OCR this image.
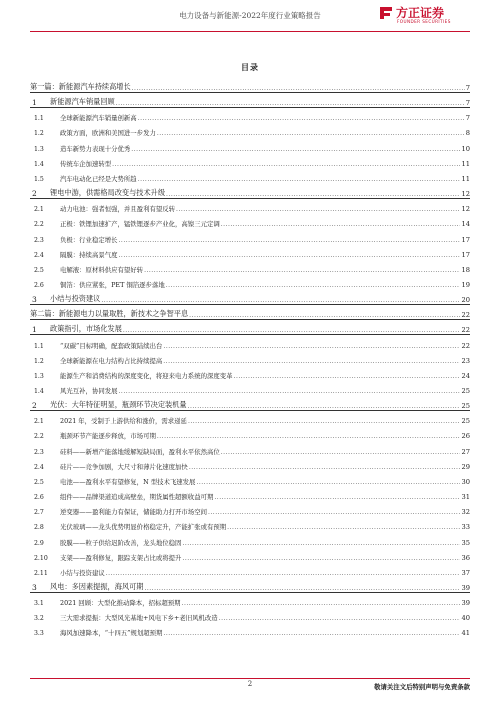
电力设备与新能源-2022年度行业策略报告	方正证券
FOUNDER SECURITIES
目录
第一篇：新能源汽车持续高增长 .....	7
1	新能源汽车销量回顾 .....	7
1.1	全球新能源汽车销量创新高 .....	7
1.2	政策方面，欧洲和美国进一步发力 .....	8
1.3	造车新势力表现十分优秀 .....	10
1.4	传统车企加速转型 .....	11
1.5	汽车电动化已经是大势所趋 .....	11
2	锂电中游，供需格局改变与技术升级 .....	12
2.1	动力电池：强者恒强，并且盈利有望反转 .....	12
2.2	正极：铁锂加速扩产，锰铁锂逐步产业化，高镍三元定调 .....	14
2.3	负极：行业稳定增长 .....	17
2.4	隔膜：持续高景气度 .....	17
2.5	电解液：原材料供应有望好转 .....	18
2.6	铜箔：供应紧张，PET 铜箔逐步落地 .....	19
3	小结与投资建议 .....	20
第二篇：新能源电力以量取胜，新技术之争智平息 .....	22
1	政策指引，市场化发展 .....	22
1.1	“双碳”目标明确，配套政策陆续出台 .....	22
1.2	全球新能源在电力结构占比持续提高 .....	23
1.3	能源生产和消费结构的深度变化，将迎来电力系统的深度变革 .....	24
1.4	风光互补，协同发展 .....	25
2	光伏：大年特征明显，瓶颈环节决定装机量 .....	25
2.1	2021 年，受制于上游供给和涨价，需求递延 .....	25
2.2	瓶颈环节产能逐步释放，市场可期 .....	26
2.3	硅料——新增产能落地缓解短缺局面，盈利水平依然高位 .....	27
2.4	硅片——竞争加剧，大尺寸和薄片化速度加快 .....	29
2.5	电池——盈利水平有望修复，N 型技术飞速发展 .....	30
2.6	组件——品牌渠道追成高壁垒，期货属性超额收益可期 .....	31
2.7	逆变器——盈利能力有保证，储能助力打开市场空间 .....	32
2.8	光伏玻璃——龙头优势明显价格稳定升，产能扩张或有预期 .....	33
2.9	胶膜——粒子供给迟阶改善，龙头地位稳固 .....	35
2.10	支架——盈利修复，跟踪支架占比或将提升 .....	36
2.11	小结与投资建议 .....	37
3	风电：多因素提振，海风可期 .....	39
3.1	2021 回顾：大型化推动降本，招标超预期 .....	39
3.2	三大需求提振：大型风光基地+风电下乡+老旧风机改造 .....	40
3.3	海风加速降本，“十四五”规划超预期 .....	41
2	敬请关注文后特别声明与免责条款
